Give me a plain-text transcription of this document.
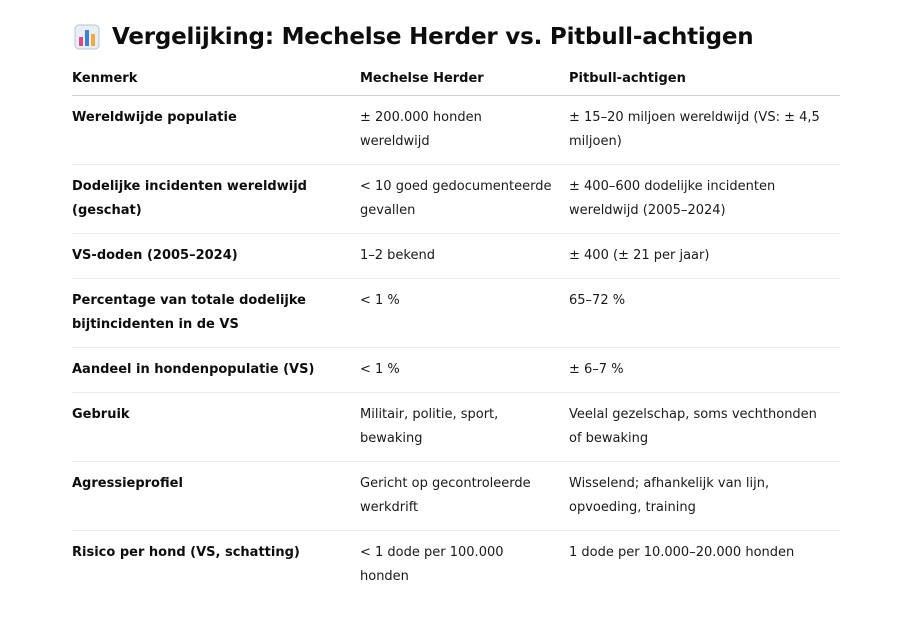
Vergelijking: Mechelse Herder vs. Pitbull-achtigen
Kenmerk	Mechelse Herder	Pitbull-achtigen
Wereldwijde populatie	± 200.000 honden wereldwijd	± 15–20 miljoen wereldwijd (VS: ± 4,5 miljoen)
Dodelijke incidenten wereldwijd (geschat)	< 10 goed gedocumenteerde gevallen	± 400–600 dodelijke incidenten wereldwijd (2005–2024)
VS-doden (2005–2024)	1–2 bekend	± 400 (± 21 per jaar)
Percentage van totale dodelijke bijtincidenten in de VS	< 1 %	65–72 %
Aandeel in hondenpopulatie (VS)	< 1 %	± 6–7 %
Gebruik	Militair, politie, sport, bewaking	Veelal gezelschap, soms vechthonden of bewaking
Agressieprofiel	Gericht op gecontroleerde werkdrift	Wisselend; afhankelijk van lijn, opvoeding, training
Risico per hond (VS, schatting)	< 1 dode per 100.000 honden	1 dode per 10.000–20.000 honden
